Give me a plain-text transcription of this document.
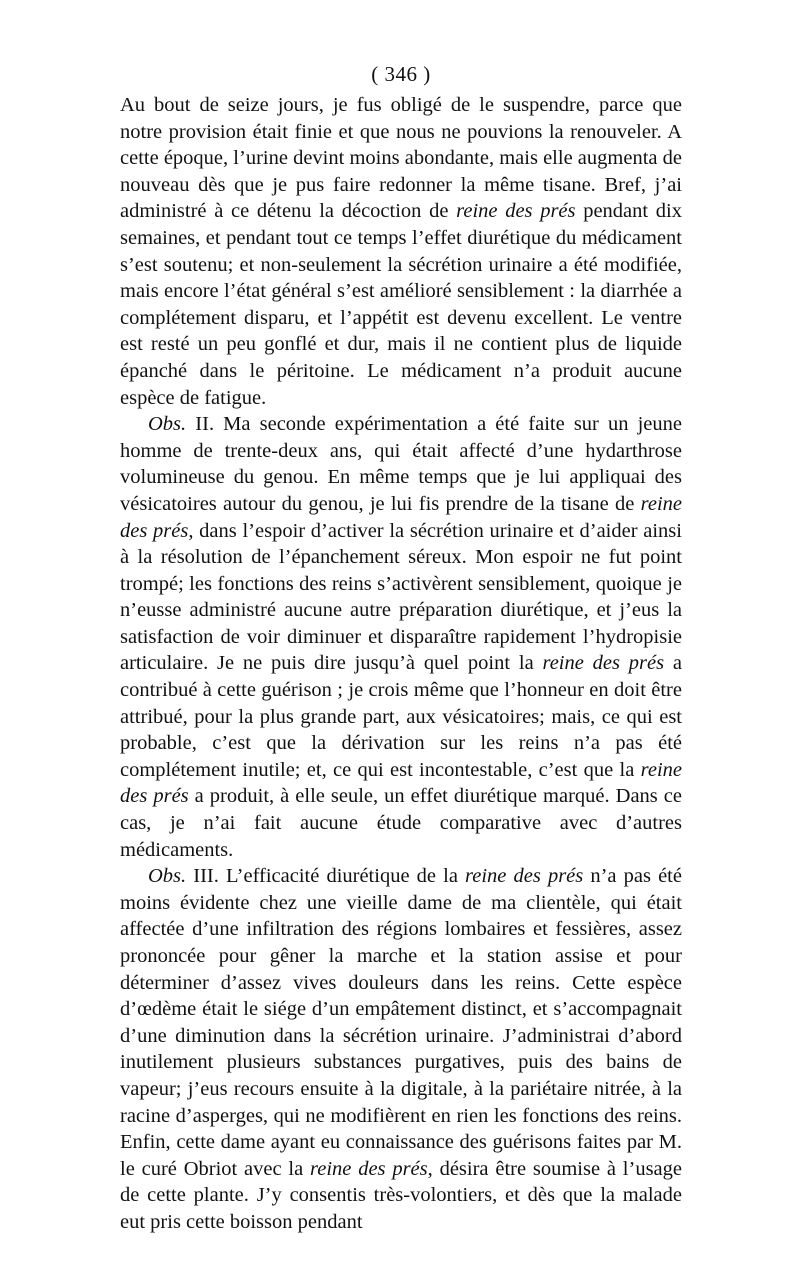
( 346 )

Au bout de seize jours, je fus obligé de le suspendre, parce que notre provision était finie et que nous ne pouvions la renouveler. A cette époque, l’urine devint moins abondante, mais elle augmenta de nouveau dès que je pus faire redonner la même tisane. Bref, j’ai administré à ce détenu la décoction de reine des prés pendant dix semaines, et pendant tout ce temps l’effet diurétique du médicament s’est soutenu; et non-seulement la sécrétion urinaire a été modifiée, mais encore l’état général s’est amélioré sensiblement : la diarrhée a complétement disparu, et l’appétit est devenu excellent. Le ventre est resté un peu gonflé et dur, mais il ne contient plus de liquide épanché dans le péritoine. Le médicament n’a produit aucune espèce de fatigue.

Obs. II. Ma seconde expérimentation a été faite sur un jeune homme de trente-deux ans, qui était affecté d’une hydarthrose volumineuse du genou. En même temps que je lui appliquai des vésicatoires autour du genou, je lui fis prendre de la tisane de reine des prés, dans l’espoir d’activer la sécrétion urinaire et d’aider ainsi à la résolution de l’épanchement séreux. Mon espoir ne fut point trompé; les fonctions des reins s’activèrent sensiblement, quoique je n’eusse administré aucune autre préparation diurétique, et j’eus la satisfaction de voir diminuer et disparaître rapidement l’hydropisie articulaire. Je ne puis dire jusqu’à quel point la reine des prés a contribué à cette guérison ; je crois même que l’honneur en doit être attribué, pour la plus grande part, aux vésicatoires; mais, ce qui est probable, c’est que la dérivation sur les reins n’a pas été complétement inutile; et, ce qui est incontestable, c’est que la reine des prés a produit, à elle seule, un effet diurétique marqué. Dans ce cas, je n’ai fait aucune étude comparative avec d’autres médicaments.

Obs. III. L’efficacité diurétique de la reine des prés n’a pas été moins évidente chez une vieille dame de ma clientèle, qui était affectée d’une infiltration des régions lombaires et fessières, assez prononcée pour gêner la marche et la station assise et pour déterminer d’assez vives douleurs dans les reins. Cette espèce d’œdème était le siége d’un empâtement distinct, et s’accompagnait d’une diminution dans la sécrétion urinaire. J’administrai d’abord inutilement plusieurs substances purgatives, puis des bains de vapeur; j’eus recours ensuite à la digitale, à la pariétaire nitrée, à la racine d’asperges, qui ne modifièrent en rien les fonctions des reins. Enfin, cette dame ayant eu connaissance des guérisons faites par M. le curé Obriot avec la reine des prés, désira être soumise à l’usage de cette plante. J’y consentis très-volontiers, et dès que la malade eut pris cette boisson pendant
